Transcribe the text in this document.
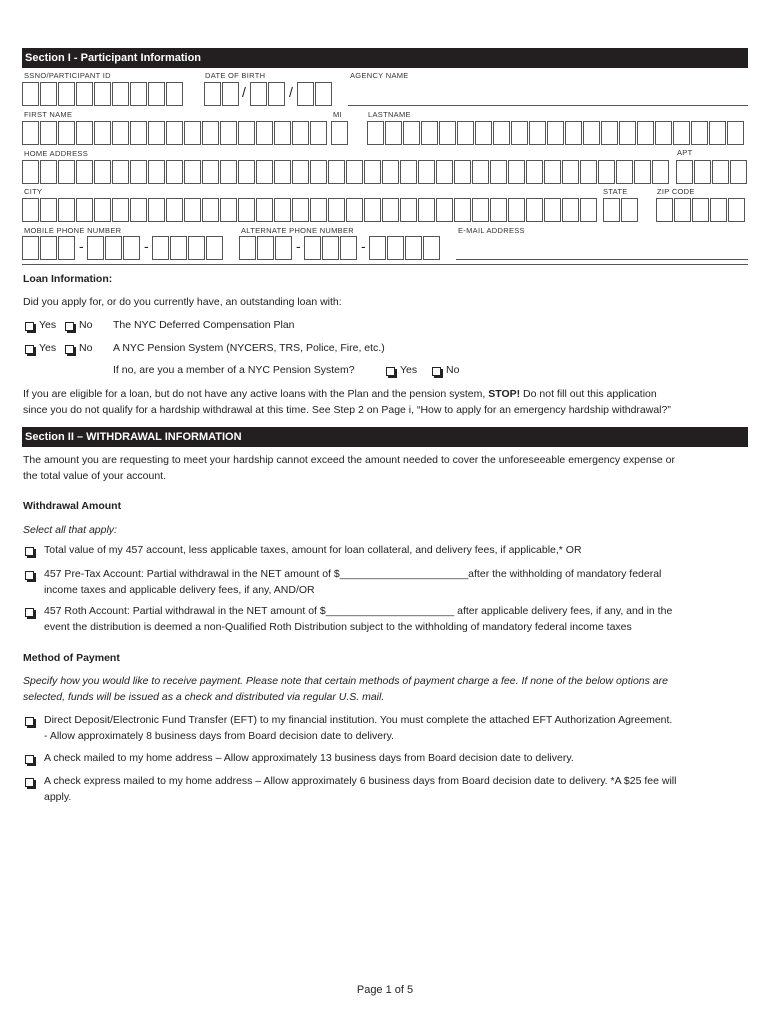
Section I - Participant Information
SSNO/PARTICIPANT ID	DATE OF BIRTH	AGENCY NAME
/	/
FIRST NAME	MI	LASTNAME
HOME ADDRESS	APT
CITY	STATE	ZIP CODE
MOBILE PHONE NUMBER	ALTERNATE PHONE NUMBER	E-MAIL ADDRESS
-	-	-	-
Loan Information:
Did you apply for, or do you currently have, an outstanding loan with:
Yes No The NYC Deferred Compensation Plan
Yes No A NYC Pension System (NYCERS, TRS, Police, Fire, etc.)
If no, are you a member of a NYC Pension System?	Yes	No
If you are eligible for a loan, but do not have any active loans with the Plan and the pension system, STOP! Do not fill out this application
since you do not qualify for a hardship withdrawal at this time. See Step 2 on Page i, “How to apply for an emergency hardship withdrawal?”
Section II – WITHDRAWAL INFORMATION
The amount you are requesting to meet your hardship cannot exceed the amount needed to cover the unforeseeable emergency expense or
the total value of your account.
Withdrawal Amount
Select all that apply:
Total value of my 457 account, less applicable taxes, amount for loan collateral, and delivery fees, if applicable,* OR
457 Pre-Tax Account: Partial withdrawal in the NET amount of $______________________after the withholding of mandatory federal
income taxes and applicable delivery fees, if any, AND/OR
457 Roth Account: Partial withdrawal in the NET amount of $______________________ after applicable delivery fees, if any, and in the
event the distribution is deemed a non-Qualified Roth Distribution subject to the withholding of mandatory federal income taxes
Method of Payment
Specify how you would like to receive payment. Please note that certain methods of payment charge a fee. If none of the below options are
selected, funds will be issued as a check and distributed via regular U.S. mail.
Direct Deposit/Electronic Fund Transfer (EFT) to my financial institution. You must complete the attached EFT Authorization Agreement.
- Allow approximately 8 business days from Board decision date to delivery.
A check mailed to my home address – Allow approximately 13 business days from Board decision date to delivery.
A check express mailed to my home address – Allow approximately 6 business days from Board decision date to delivery. *A $25 fee will
apply.
Page 1 of 5
